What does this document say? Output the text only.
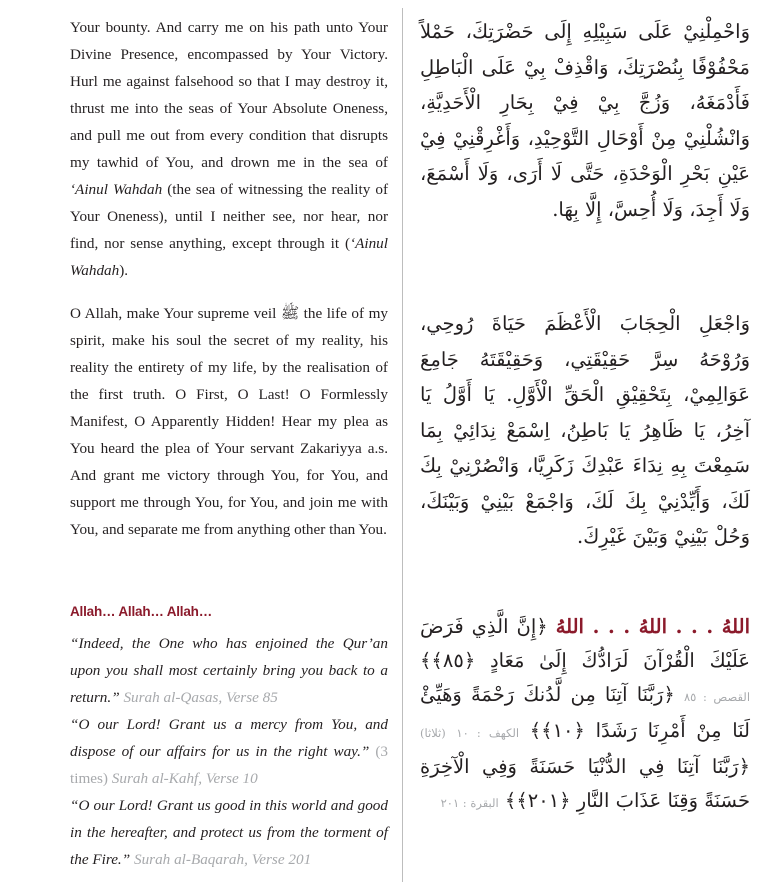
Your bounty. And carry me on his path unto Your Divine Presence, encompassed by Your Victory. Hurl me against falsehood so that I may destroy it, thrust me into the seas of Your Absolute Oneness, and pull me out from every condition that disrupts my tawhid of You, and drown me in the sea of ‘Ainul Wahdah (the sea of witnessing the reality of Your Oneness), until I neither see, nor hear, nor find, nor sense anything, except through it (‘Ainul Wahdah).

O Allah, make Your supreme veil ﷺ the life of my spirit, make his soul the secret of my reality, his reality the entirety of my life, by the realisation of the first truth. O First, O Last! O Formlessly Manifest, O Apparently Hidden! Hear my plea as You heard the plea of Your servant Zakariyya a.s. And grant me victory through You, for You, and support me through You, for You, and join me with You, and separate me from anything other than You.

Allah… Allah… Allah…

“Indeed, the One who has enjoined the Qur’an upon you shall most certainly bring you back to a return.” Surah al-Qasas, Verse 85

“O our Lord! Grant us a mercy from You, and dispose of our affairs for us in the right way.” (3 times) Surah al-Kahf, Verse 10

“O our Lord! Grant us good in this world and good in the hereafter, and protect us from the torment of the Fire.” Surah al-Baqarah, Verse 201

وَاحْمِلْنِيْ عَلَى سَبِيْلِهِ إِلَى حَضْرَتِكَ، حَمْلاً مَحْفُوْفًا بِنُصْرَتِكَ، وَاقْذِفْ بِيْ عَلَى الْبَاطِلِ فَأَدْمَغَهُ، وَزُجَّ بِيْ فِيْ بِحَارِ الْأَحَدِيَّةِ، وَانْشُلْنِيْ مِنْ أَوْحَالِ التَّوْحِيْدِ، وَأَغْرِقْنِيْ فِيْ عَيْنِ بَحْرِ الْوَحْدَةِ، حَتَّى لَا أَرَى، وَلَا أَسْمَعَ، وَلَا أَجِدَ، وَلَا أُحِسَّ، إِلَّا بِهَا.

وَاجْعَلِ الْحِجَابَ الْأَعْظَمَ حَيَاةَ رُوحِي، وَرُوْحَهُ سِرَّ حَقِيْقَتِي، وَحَقِيْقَتَهُ جَامِعَ عَوَالِمِيْ، بِتَحْقِيْقِ الْحَقِّ الْأَوَّلِ. يَا أَوَّلُ يَا آخِرُ، يَا ظَاهِرُ يَا بَاطِنُ، اِسْمَعْ نِدَائِيْ بِمَا سَمِعْتَ بِهِ نِدَاءَ عَبْدِكَ زَكَرِيَّا، وَانْصُرْنِيْ بِكَ لَكَ، وَأَيِّدْنِيْ بِكَ لَكَ، وَاجْمَعْ بَيْنِيْ وَبَيْنَكَ، وَحُلْ بَيْنِيْ وَبَيْنَ غَيْرِكَ.

اللهُ . . . اللهُ . . . اللهُ ﴿إِنَّ الَّذِي فَرَضَ عَلَيْكَ الْقُرْآنَ لَرَادُّكَ إِلَىٰ مَعَادٍ ﴿٨٥﴾﴾ القصص : ٨٥ ﴿رَبَّنَا آتِنَا مِن لَّدُنكَ رَحْمَةً وَهَيِّئْ لَنَا مِنْ أَمْرِنَا رَشَدًا ﴿١٠﴾﴾ الكهف : ١٠ (ثلاثا) ﴿رَبَّنَا آتِنَا فِي الدُّنْيَا حَسَنَةً وَفِي الْآخِرَةِ حَسَنَةً وَقِنَا عَذَابَ النَّارِ ﴿٢٠١﴾﴾ البقرة : ٢٠١
